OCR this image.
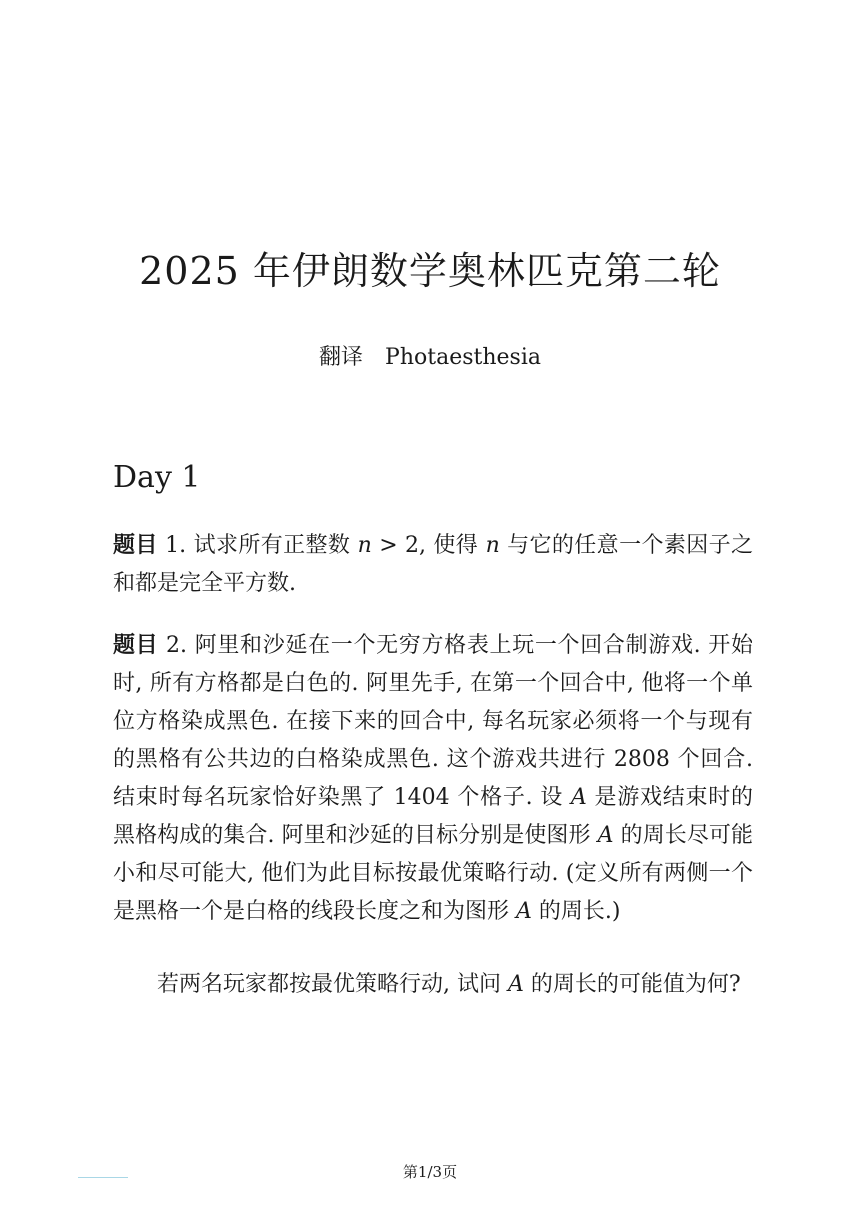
2025 年伊朗数学奥林匹克第二轮
翻译 Photaesthesia
Day 1
题目 1. 试求所有正整数 n > 2, 使得 n 与它的任意一个素因子之和都是完全平方数.
题目 2. 阿里和沙延在一个无穷方格表上玩一个回合制游戏. 开始时, 所有方格都是白色的. 阿里先手, 在第一个回合中, 他将一个单位方格染成黑色. 在接下来的回合中, 每名玩家必须将一个与现有的黑格有公共边的白格染成黑色. 这个游戏共进行 2808 个回合. 结束时每名玩家恰好染黑了 1404 个格子. 设 A 是游戏结束时的黑格构成的集合. 阿里和沙延的目标分别是使图形 A 的周长尽可能小和尽可能大, 他们为此目标按最优策略行动. (定义所有两侧一个是黑格一个是白格的线段长度之和为图形 A 的周长.)
若两名玩家都按最优策略行动, 试问 A 的周长的可能值为何?
第1/3页
